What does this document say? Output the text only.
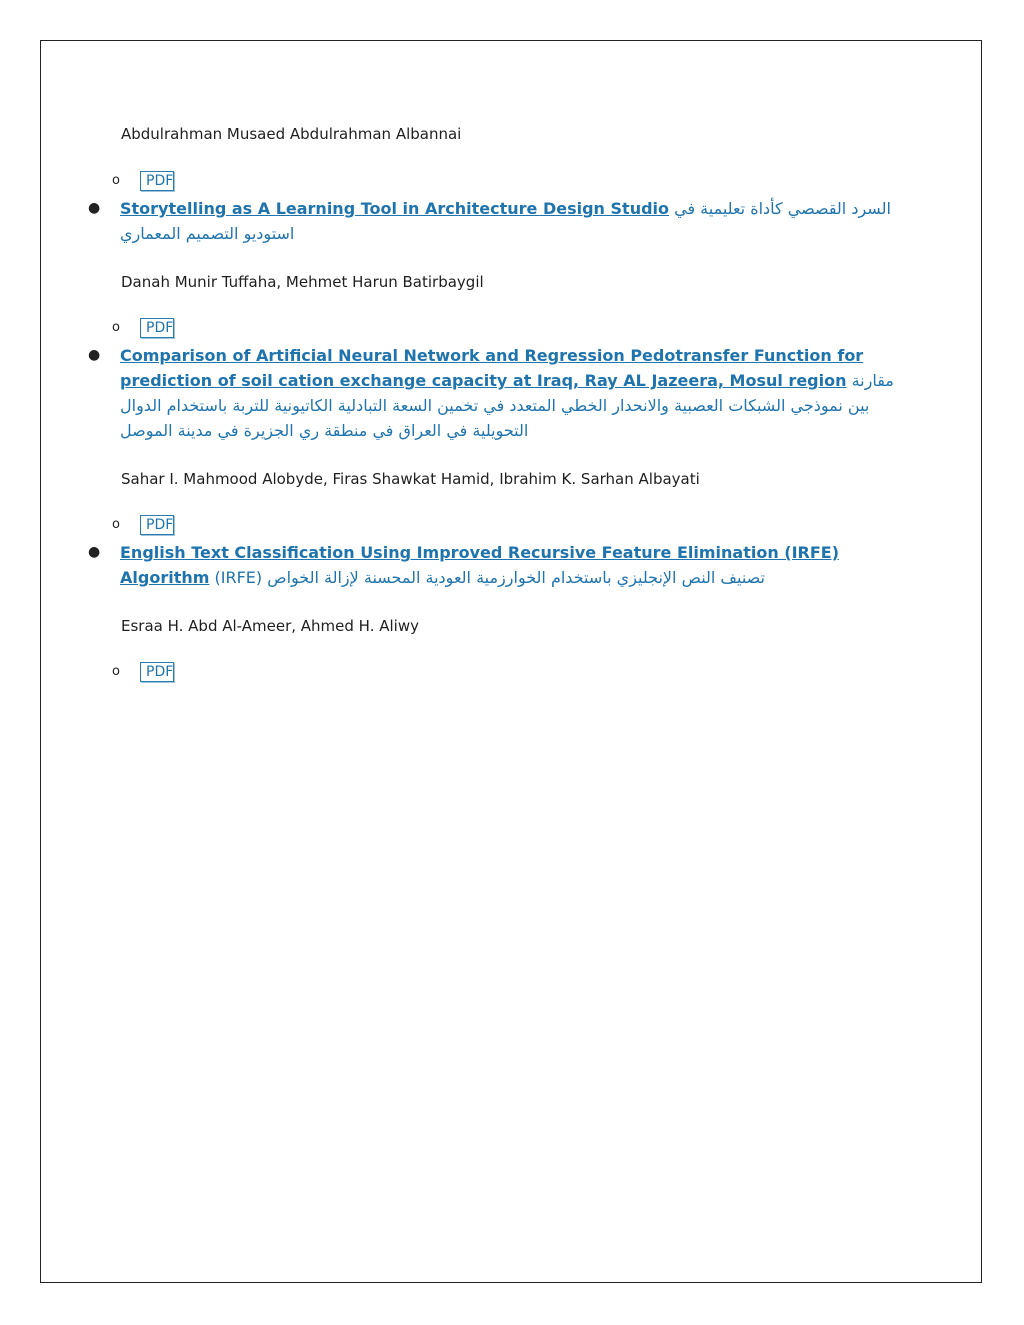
Abdulrahman Musaed Abdulrahman Albannai
o	PDF
● Storytelling as A Learning Tool in Architecture Design Studio السرد القصصي كأداة تعليمية في استوديو التصميم المعماري
Danah Munir Tuffaha, Mehmet Harun Batirbaygil
o	PDF
● Comparison of Artificial Neural Network and Regression Pedotransfer Function for prediction of soil cation exchange capacity at Iraq, Ray AL Jazeera, Mosul region مقارنة بين نموذجي الشبكات العصبية والانحدار الخطي المتعدد في تخمين السعة التبادلية الكاتيونية للتربة باستخدام الدوال التحويلية في العراق في منطقة ري الجزيرة في مدينة الموصل
Sahar I. Mahmood Alobyde, Firas Shawkat Hamid, Ibrahim K. Sarhan Albayati
o	PDF
● English Text Classification Using Improved Recursive Feature Elimination (IRFE) Algorithm تصنيف النص الإنجليزي باستخدام الخوارزمية العودية المحسنة لإزالة الخواص (IRFE)
Esraa H. Abd Al-Ameer, Ahmed H. Aliwy
o	PDF
